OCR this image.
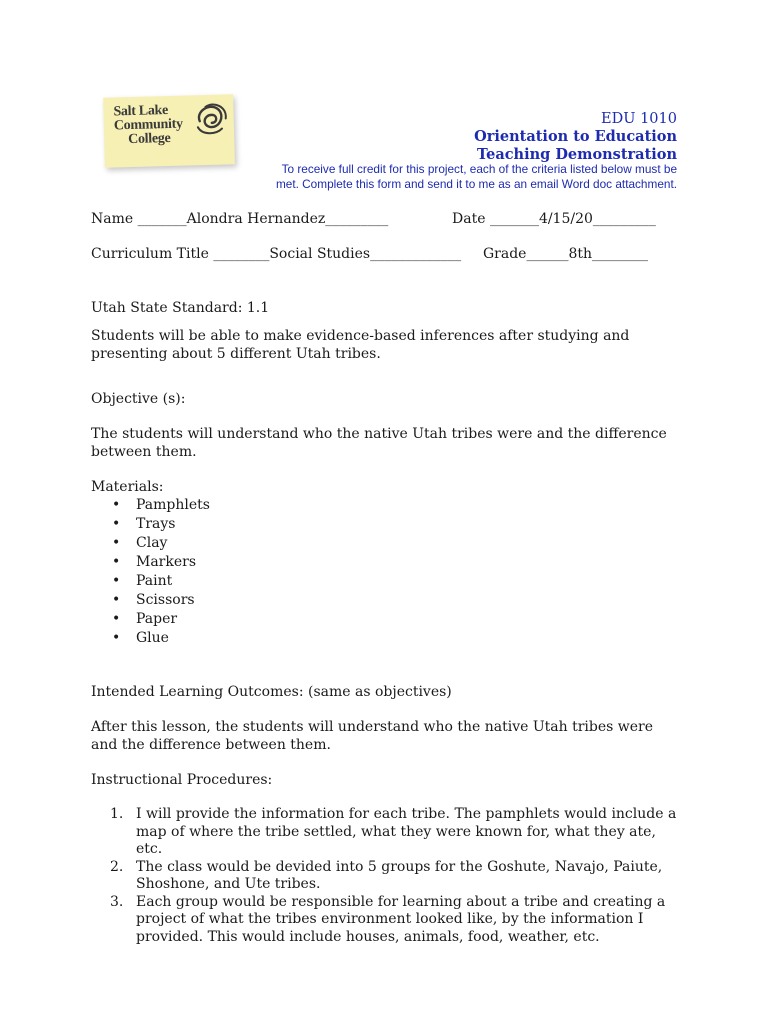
Salt Lake
Community
College
EDU 1010
Orientation to Education
Teaching Demonstration
To receive full credit for this project, each of the criteria listed below must be
met. Complete this form and send it to me as an email Word doc attachment.
Name _______Alondra Hernandez_________	Date _______4/15/20_________
Curriculum Title ________Social Studies_____________ Grade______8th________
Utah State Standard: 1.1
Students will be able to make evidence-based inferences after studying and presenting about 5 different Utah tribes.
Objective (s):
The students will understand who the native Utah tribes were and the difference between them.
Materials:
• Pamphlets
• Trays
• Clay
• Markers
• Paint
• Scissors
• Paper
• Glue
Intended Learning Outcomes: (same as objectives)
After this lesson, the students will understand who the native Utah tribes were and the difference between them.
Instructional Procedures:
1. I will provide the information for each tribe. The pamphlets would include a map of where the tribe settled, what they were known for, what they ate, etc.
2. The class would be devided into 5 groups for the Goshute, Navajo, Paiute, Shoshone, and Ute tribes.
3. Each group would be responsible for learning about a tribe and creating a project of what the tribes environment looked like, by the information I provided. This would include houses, animals, food, weather, etc.
